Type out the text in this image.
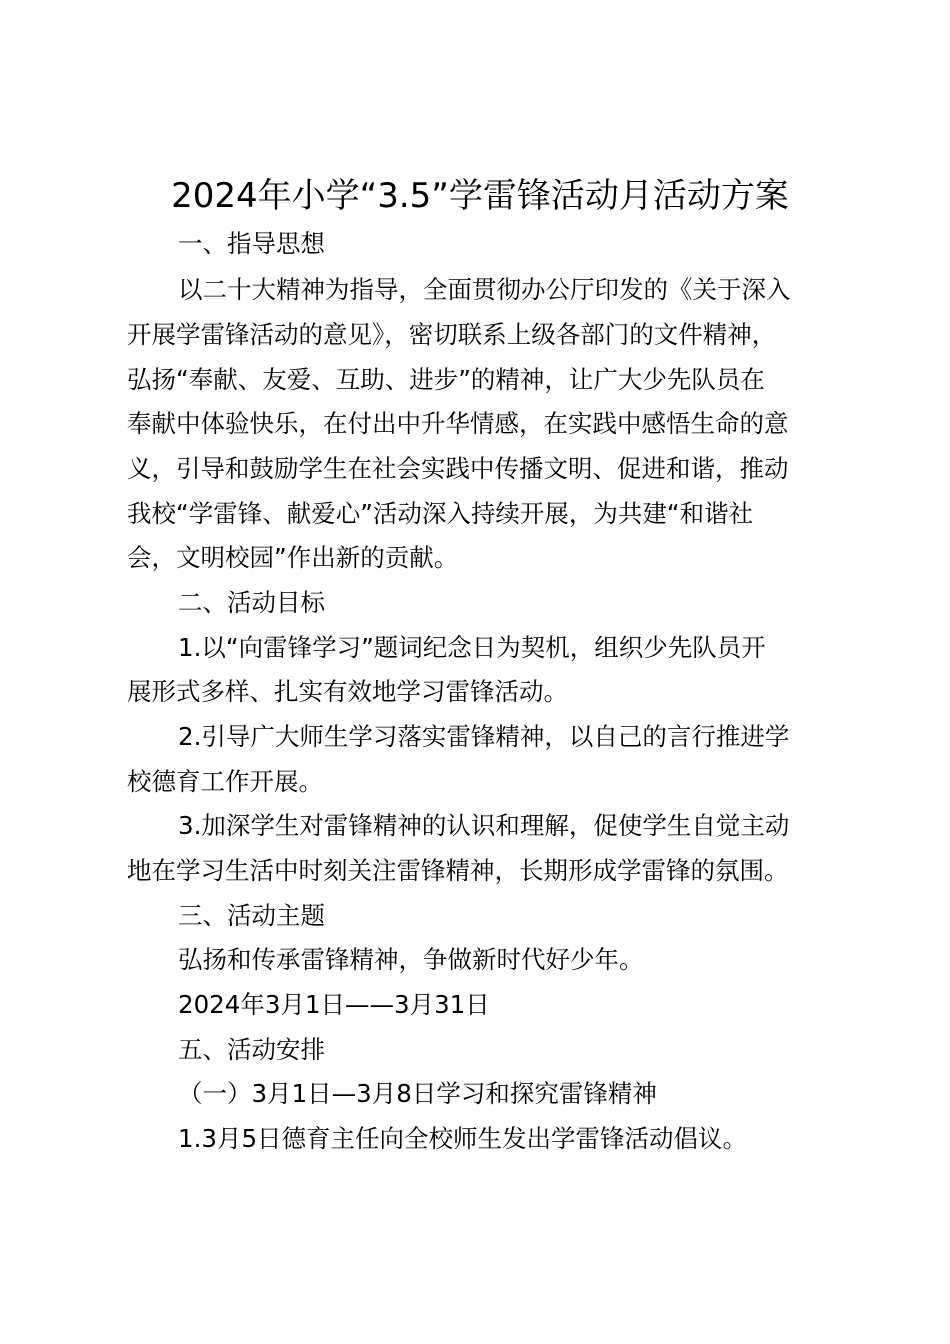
2024年小学“3.5”学雷锋活动月活动方案

一、指导思想

以二十大精神为指导，全面贯彻办公厅印发的《关于深入

开展学雷锋活动的意见》，密切联系上级各部门的文件精神，

弘扬“奉献、友爱、互助、进步”的精神，让广大少先队员在

奉献中体验快乐，在付出中升华情感，在实践中感悟生命的意

义，引导和鼓励学生在社会实践中传播文明、促进和谐，推动

我校“学雷锋、献爱心”活动深入持续开展，为共建“和谐社

会，文明校园”作出新的贡献。

二、活动目标

1.以“向雷锋学习”题词纪念日为契机，组织少先队员开

展形式多样、扎实有效地学习雷锋活动。

2.引导广大师生学习落实雷锋精神，以自己的言行推进学

校德育工作开展。

3.加深学生对雷锋精神的认识和理解，促使学生自觉主动

地在学习生活中时刻关注雷锋精神，长期形成学雷锋的氛围。

三、活动主题

弘扬和传承雷锋精神，争做新时代好少年。

2024年3月1日——3月31日

五、活动安排

（一）3月1日—3月8日学习和探究雷锋精神

1.3月5日德育主任向全校师生发出学雷锋活动倡议。
